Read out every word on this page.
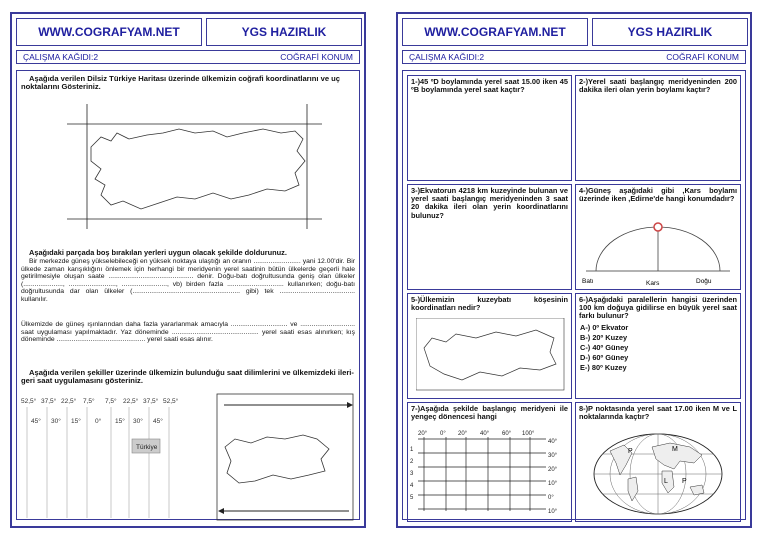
WWW.COGRAFYAM.NET	YGS HAZIRLIK
ÇALIŞMA KAĞIDI:2	COĞRAFİ KONUM
Aşağıda verilen Dilsiz Türkiye Haritası üzerinde ülkemizin coğrafi koordinatlarını ve uç noktalarını Gösteriniz.
Aşağıdaki parçada boş bırakılan yerleri uygun olacak şekilde doldurunuz.
Bir merkezde güneş yükselebileceği en yüksek noktaya ulaştığı an oranın ......................... yani 12.00'dir. Bir ülkede zaman karışıklığını önlemek için herhangi bir meridyenin yerel saatinin bütün ülkelerde geçerli hale getirilmesiyle oluşan saate ............................................. denir. Doğu-batı doğrultusunda geniş olan ülkeler (....................., ........................., ........................, vb) birden fazla .............................. kullanırken; doğu-batı doğrultusunda dar olan ülkeler (......................................................... gibi) tek ........................................ kullanılır.
Ülkemizde de güneş ışınlarından daha fazla yararlanmak amacıyla .............................. ve ............................. saat uygulaması yapılmaktadır. Yaz döneminde .............................................. yerel saati esas alınırken; kış döneminde ............................................... yerel saati esas alınır.
Aşağıda verilen şekiller üzerinde ülkemizin bulunduğu saat dilimlerini ve ülkemizdeki ileri-geri saat uygulamasını gösteriniz.
52,5° 37,5° 22,5° 7,5° 7,5° 22,5° 37,5° 52,5°
45° 30° 15° 0° 15° 30° 45°
Türkiye
WWW.COGRAFYAM.NET	YGS HAZIRLIK
ÇALIŞMA KAĞIDI:2	COĞRAFİ KONUM
1-)45 ºD boylamında yerel saat 15.00 iken 45 ºB boylamında yerel saat kaçtır?
2-)Yerel saati başlangıç meridyeninden 200 dakika ileri olan yerin boylamı kaçtır?
3-)Ekvatorun 4218 km kuzeyinde bulunan ve yerel saati başlangıç meridyeninden 3 saat 20 dakika ileri olan yerin koordinatlarını bulunuz?
4-)Güneş aşağıdaki gibi ,Kars boylamı üzerinde iken ,Edirne'de hangi konumdadır?
Batı	Kars	Doğu
5-)Ülkemizin kuzeybatı köşesinin koordinatları nedir?
6-)Aşağıdaki paralellerin hangisi üzerinden 100 km doğuya gidilirse en büyük yerel saat farkı bulunur?
A-) 0º Ekvator
B-) 20º Kuzey
C-) 40º Güney
D-) 60º Güney
E-) 80º Kuzey
7-)Aşağıda şekilde başlangıç meridyeni ile yengeç dönencesi hangi
20° 0° 20° 40° 60° 100°
1
2
3
4
5
40°
30°
20°
10°
0°
10°
8-)P noktasında yerel saat 17.00 iken M ve L noktalarında kaçtır?
P	M
L P
